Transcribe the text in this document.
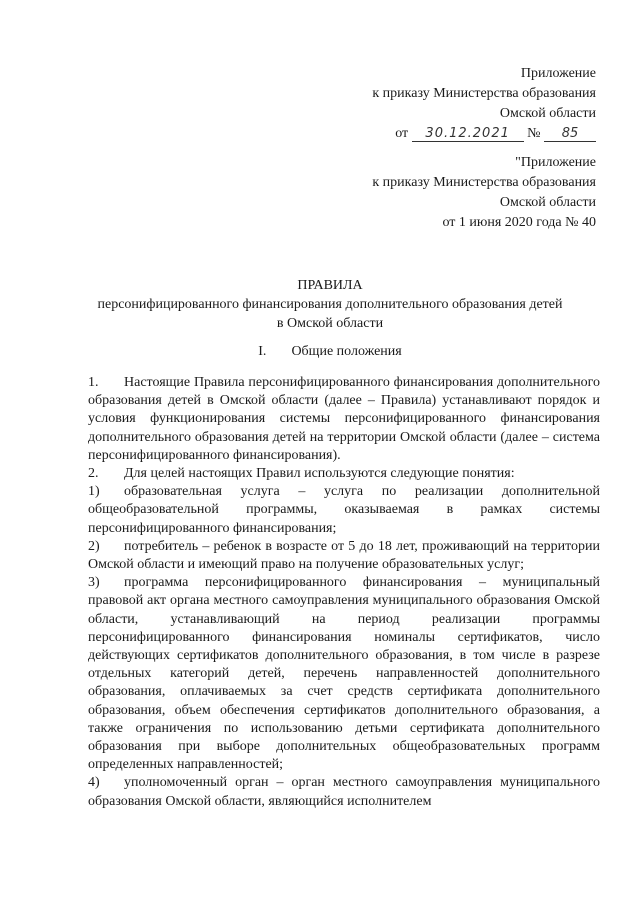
Приложение
к приказу Министерства образования
Омской области
от 30.12.2021 № 85
"Приложение
к приказу Министерства образования
Омской области
от 1 июня 2020 года № 40
ПРАВИЛА
персонифицированного финансирования дополнительного образования детей
в Омской области
I. Общие положения

1. Настоящие Правила персонифицированного финансирования дополнительного образования детей в Омской области (далее – Правила) устанавливают порядок и условия функционирования системы персонифицированного финансирования дополнительного образования детей на территории Омской области (далее – система персонифицированного финансирования).

2. Для целей настоящих Правил используются следующие понятия:

1) образовательная услуга – услуга по реализации дополнительной общеобразовательной программы, оказываемая в рамках системы персонифицированного финансирования;

2) потребитель – ребенок в возрасте от 5 до 18 лет, проживающий на территории Омской области и имеющий право на получение образовательных услуг;

3) программа персонифицированного финансирования – муниципальный правовой акт органа местного самоуправления муниципального образования Омской области, устанавливающий на период реализации программы персонифицированного финансирования номиналы сертификатов, число действующих сертификатов дополнительного образования, в том числе в разрезе отдельных категорий детей, перечень направленностей дополнительного образования, оплачиваемых за счет средств сертификата дополнительного образования, объем обеспечения сертификатов дополнительного образования, а также ограничения по использованию детьми сертификата дополнительного образования при выборе дополнительных общеобразовательных программ определенных направленностей;

4) уполномоченный орган – орган местного самоуправления муниципального образования Омской области, являющийся исполнителем
